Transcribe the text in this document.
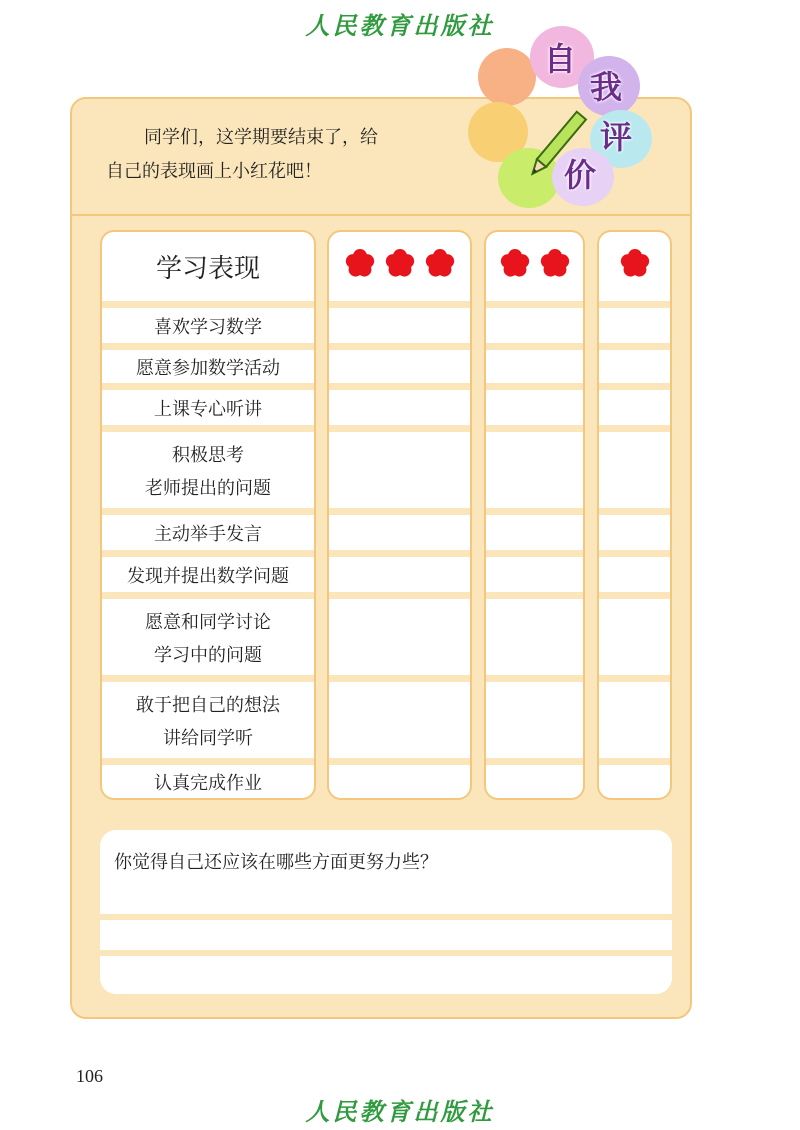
人民教育出版社
同学们，这学期要结束了，给
自己的表现画上小红花吧！
自
我
评
价
学习表现
喜欢学习数学
愿意参加数学活动
上课专心听讲
积极思考
老师提出的问题
主动举手发言
发现并提出数学问题
愿意和同学讨论
学习中的问题
敢于把自己的想法
讲给同学听
认真完成作业
你觉得自己还应该在哪些方面更努力些？
106
人民教育出版社
